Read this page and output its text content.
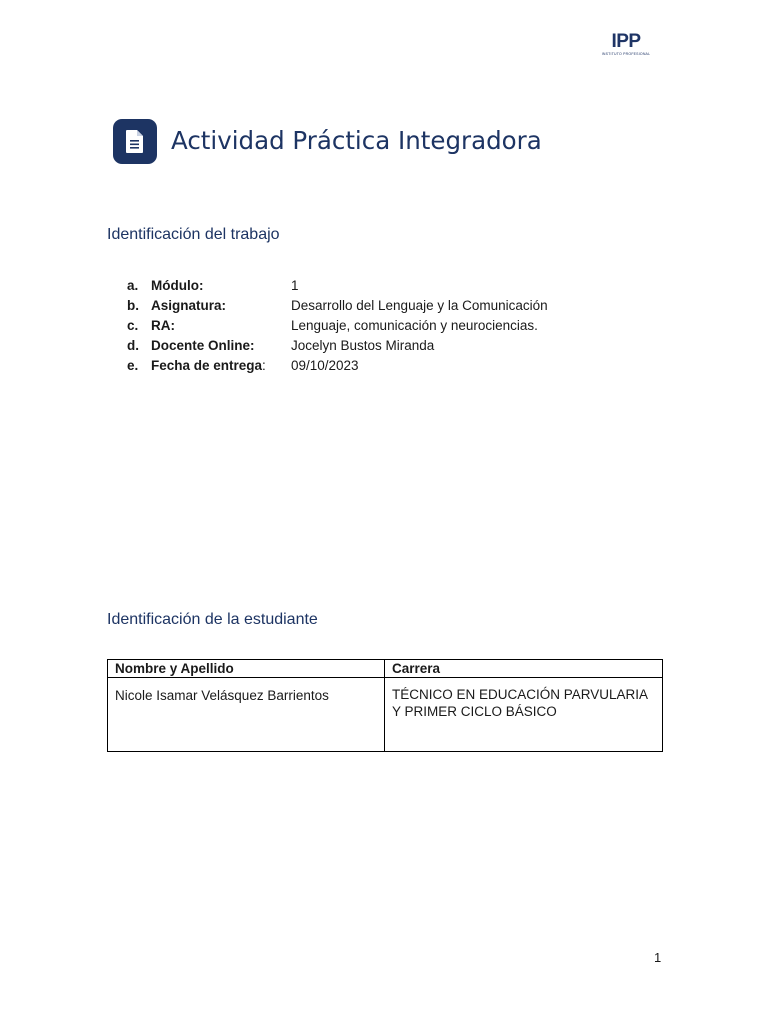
IPP
INSTITUTO PROFESIONAL
Actividad Práctica Integradora
Identificación del trabajo
a. Módulo:	1
b. Asignatura:	Desarrollo del Lenguaje y la Comunicación
c. RA:	Lenguaje, comunicación y neurociencias.
d. Docente Online:	Jocelyn Bustos Miranda
e. Fecha de entrega: 09/10/2023
Identificación de la estudiante
Nombre y Apellido	Carrera
Nicole Isamar Velásquez Barrientos	TÉCNICO EN EDUCACIÓN PARVULARIA
Y PRIMER CICLO BÁSICO
1
